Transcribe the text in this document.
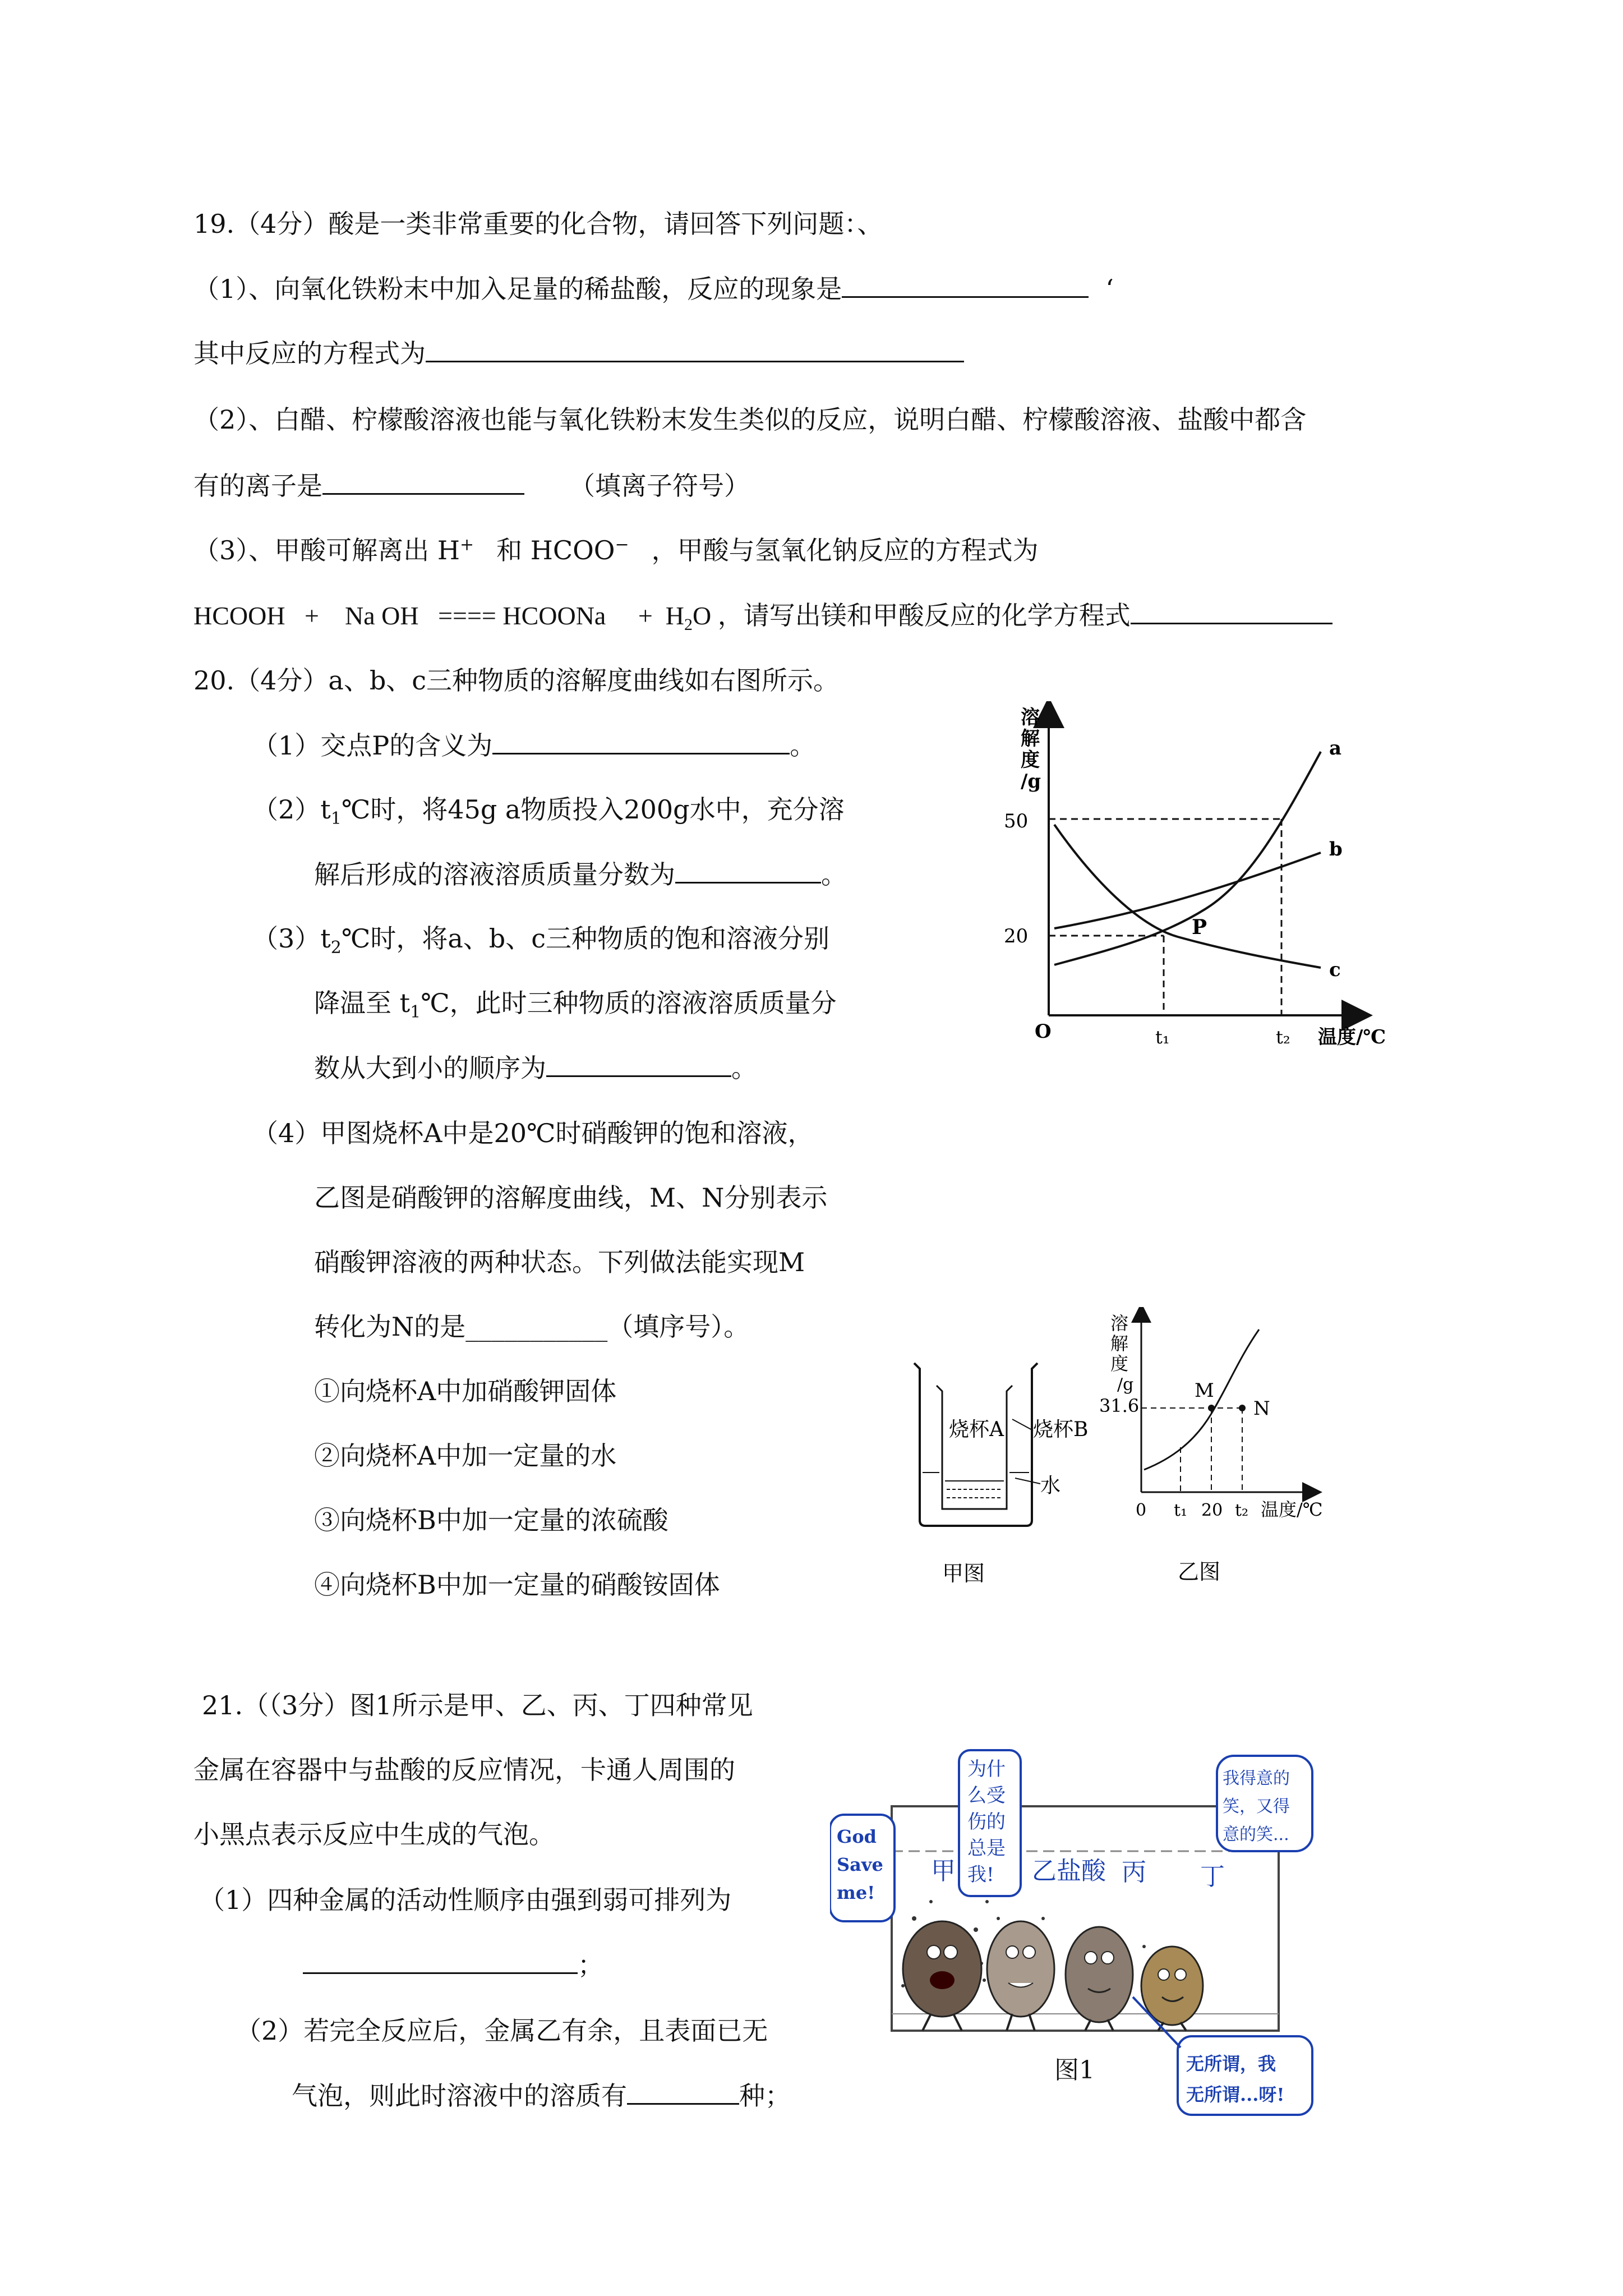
19.（4分）酸是一类非常重要的化合物，请回答下列问题：、
（1）、向氧化铁粉末中加入足量的稀盐酸，反应的现象是	‘
其中反应的方程式为
（2）、白醋、柠檬酸溶液也能与氧化铁粉末发生类似的反应，说明白醋、柠檬酸溶液、盐酸中都含
有的离子是	（填离子符号）
（3）、甲酸可解离出 H+ 和 HCOO− ，甲酸与氢氧化钠反应的方程式为
HCOOH   +    Na OH   ==== HCOONa     +  $H_2O$ ，请写出镁和甲酸反应的化学方程式
20.（4分）a、b、c三种物质的溶解度曲线如右图所示。
（1）交点P的含义为	。
$(2)t_1℃$时，将45g a物质投入200g水中，充分溶
解后形成的溶液溶质质量分数为	。
$(3)t_2℃$时，将a、b、c三种物质的饱和溶液分别
降温至 $t_1℃$，此时三种物质的溶液溶质质量分
数从大到小的顺序为	。
（4）甲图烧杯A中是20℃时硝酸钾的饱和溶液，
乙图是硝酸钾的溶解度曲线，M、N分别表示
硝酸钾溶液的两种状态。下列做法能实现M
转化为N的是___________（填序号）。
①向烧杯A中加硝酸钾固体
②向烧杯A中加一定量的水
③向烧杯B中加一定量的浓硫酸
④向烧杯B中加一定量的硝酸铵固体
溶
解
度
/g
50
20
O	t₁	t₂ 温度/℃
a
b
c
P
烧杯A 烧杯B
水
甲图
溶
解
度
/g
31.6
M
N
0 t₁ 20 t₂ 温度/℃
乙图
21.（（3分）图1所示是甲、乙、丙、丁四种常见
金属在容器中与盐酸的反应情况，卡通人周围的
小黑点表示反应中生成的气泡。
（1）四种金属的活动性顺序由强到弱可排列为
；
（2）若完全反应后，金属乙有余，且表面已无
气泡，则此时溶液中的溶质有	种；
甲	乙盐酸 丙 丁
God
Save
me!
为什
么受
伤的
总是
我!
我得意的
笑，又得
意的笑...
无所谓，我
无所谓...呀!
图1
